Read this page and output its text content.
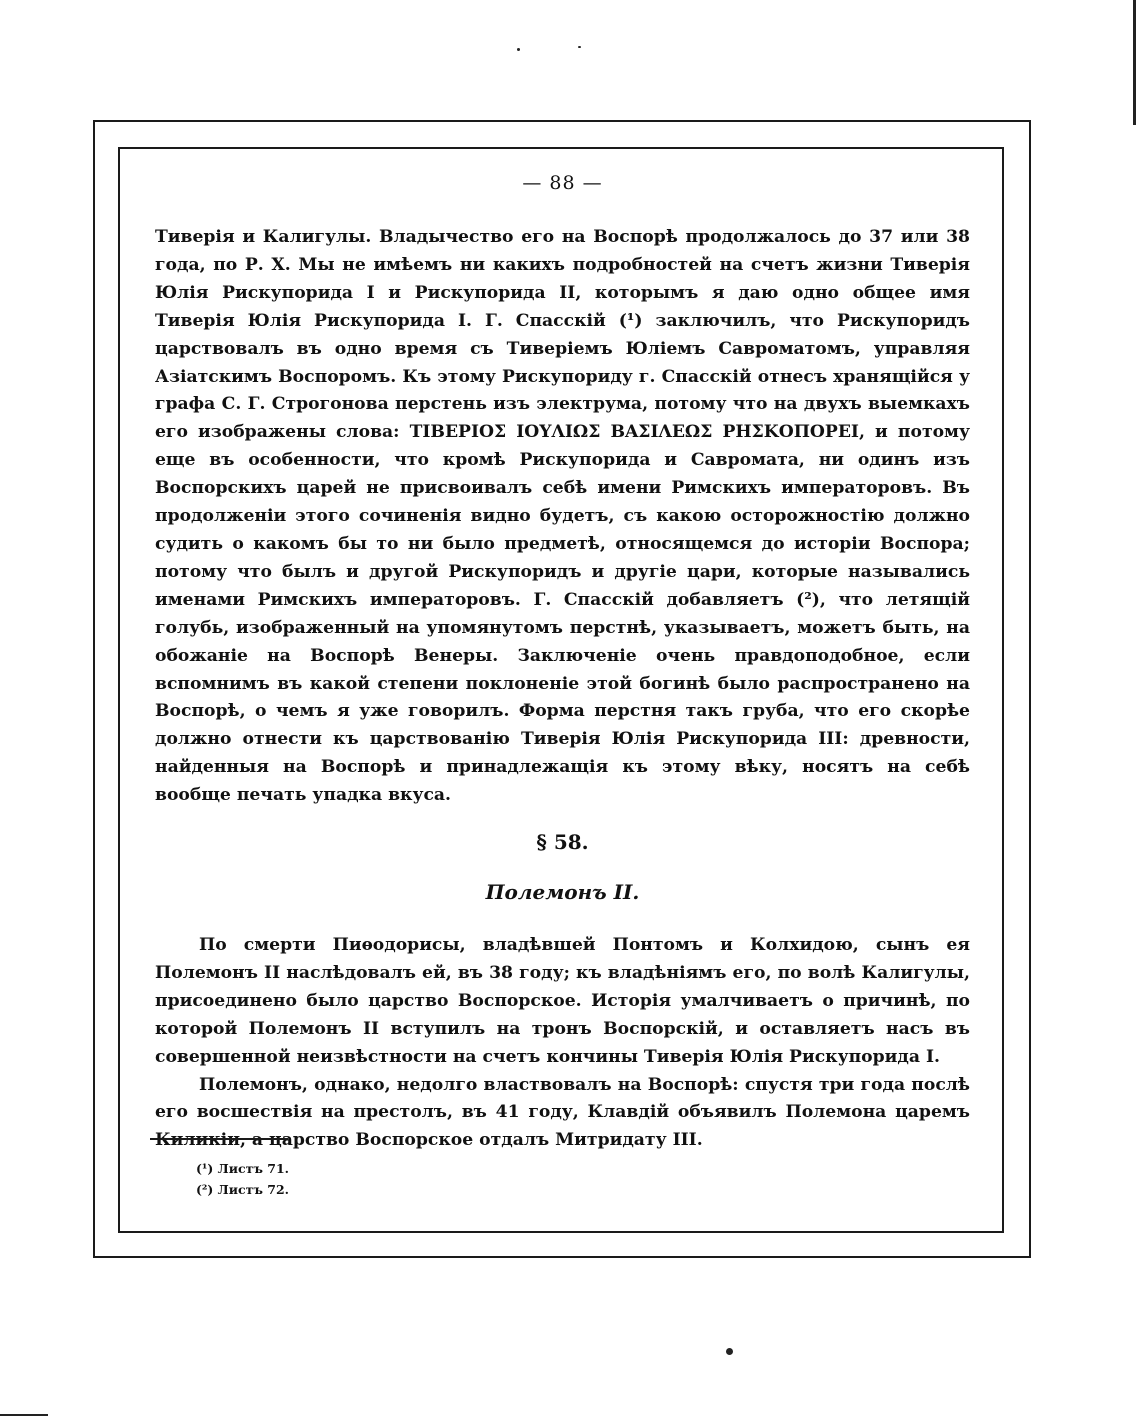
— 88 —

Тиверія и Калигулы. Владычество его на Воспорѣ продолжалось до 37 или 38 года, по Р. Х. Мы не имѣемъ ни какихъ подробностей на счетъ жизни Тиверія Юлія Рискупорида I и Рискупорида II, которымъ я даю одно общее имя Тиверія Юлія Рискупорида I. Г. Спасскій (¹) заключилъ, что Рискупоридъ царствовалъ въ одно время съ Тиверіемъ Юліемъ Савроматомъ, управляя Азіатскимъ Воспоромъ. Къ этому Рискупориду г. Спасскій отнесъ хранящійся у графа С. Г. Строгонова перстень изъ электрума, потому что на двухъ выемкахъ его изображены слова: ΤΙΒΕΡΙΟΣ ΙΟΥΛΙΩΣ ΒΑΣΙΛΕΩΣ ΡΗΣΚΟΠΟΡΕΙ, и потому еще въ особенности, что кромѣ Рискупорида и Савромата, ни одинъ изъ Воспорскихъ царей не присвоивалъ себѣ имени Римскихъ императоровъ. Въ продолженіи этого сочиненія видно будетъ, съ какою осторожностію должно судить о какомъ бы то ни было предметѣ, относящемся до исторіи Воспора; потому что былъ и другой Рискупоридъ и другіе цари, которые назывались именами Римскихъ императоровъ. Г. Спасскій добавляетъ (²), что летящій голубь, изображенный на упомянутомъ перстнѣ, указываетъ, можетъ быть, на обожаніе на Воспорѣ Венеры. Заключеніе очень правдоподобное, если вспомнимъ въ какой степени поклоненіе этой богинѣ было распространено на Воспорѣ, о чемъ я уже говорилъ. Форма перстня такъ груба, что его скорѣе должно отнести къ царствованію Тиверія Юлія Рискупорида III: древности, найденныя на Воспорѣ и принадлежащія къ этому вѣку, носятъ на себѣ вообще печать упадка вкуса.

§ 58.
Полемонъ II.

По смерти Пиѳодорисы, владѣвшей Понтомъ и Колхидою, сынъ ея Полемонъ II наслѣдовалъ ей, въ 38 году; къ владѣніямъ его, по волѣ Калигулы, присоединено было царство Воспорское. Исторія умалчиваетъ о причинѣ, по которой Полемонъ II вступилъ на тронъ Воспорскій, и оставляетъ насъ въ совершенной неизвѣстности на счетъ кончины Тиверія Юлія Рискупорида I.

Полемонъ, однако, недолго властвовалъ на Воспорѣ: спустя три года послѣ его восшествія на престолъ, въ 41 году, Клавдій объявилъ Полемона царемъ Киликіи, а царство Воспорское отдалъ Митридату III.

(¹) Листъ 71.
(²) Листъ 72.
